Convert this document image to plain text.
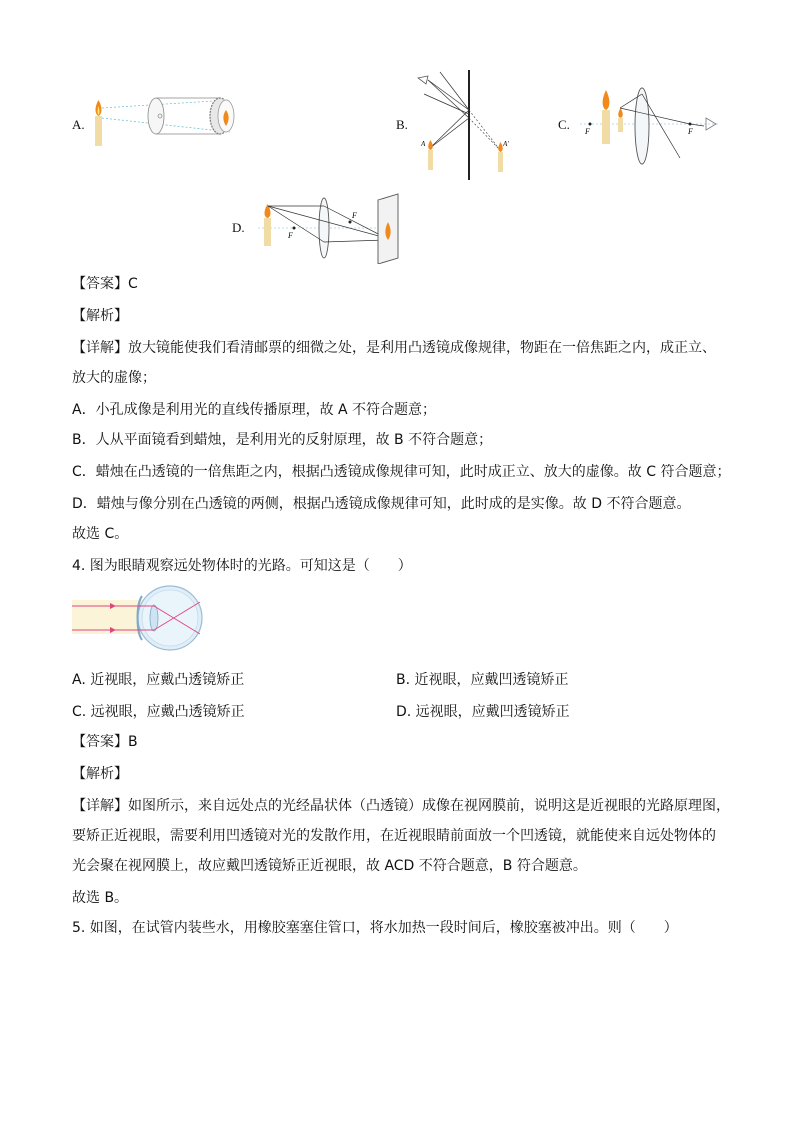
A.	B.	C.
D.
A	A'
F	F
F
F
【答案】C
【解析】
【详解】放大镜能使我们看清邮票的细微之处，是利用凸透镜成像规律，物距在一倍焦距之内，成正立、
放大的虚像；
A．小孔成像是利用光的直线传播原理，故 A 不符合题意；
B．人从平面镜看到蜡烛，是利用光的反射原理，故 B 不符合题意；
C．蜡烛在凸透镜的一倍焦距之内，根据凸透镜成像规律可知，此时成正立、放大的虚像。故 C 符合题意；
D．蜡烛与像分别在凸透镜的两侧，根据凸透镜成像规律可知，此时成的是实像。故 D 不符合题意。
故选 C。
4. 图为眼睛观察远处物体时的光路。可知这是（　　）
A. 近视眼，应戴凸透镜矫正	B. 近视眼，应戴凹透镜矫正
C. 远视眼，应戴凸透镜矫正	D. 远视眼，应戴凹透镜矫正
【答案】B
【解析】
【详解】如图所示，来自远处点的光经晶状体（凸透镜）成像在视网膜前，说明这是近视眼的光路原理图，
要矫正近视眼，需要利用凹透镜对光的发散作用，在近视眼睛前面放一个凹透镜，就能使来自远处物体的
光会聚在视网膜上，故应戴凹透镜矫正近视眼，故 ACD 不符合题意，B 符合题意。
故选 B。
5. 如图，在试管内装些水，用橡胶塞塞住管口，将水加热一段时间后，橡胶塞被冲出。则（　　）
